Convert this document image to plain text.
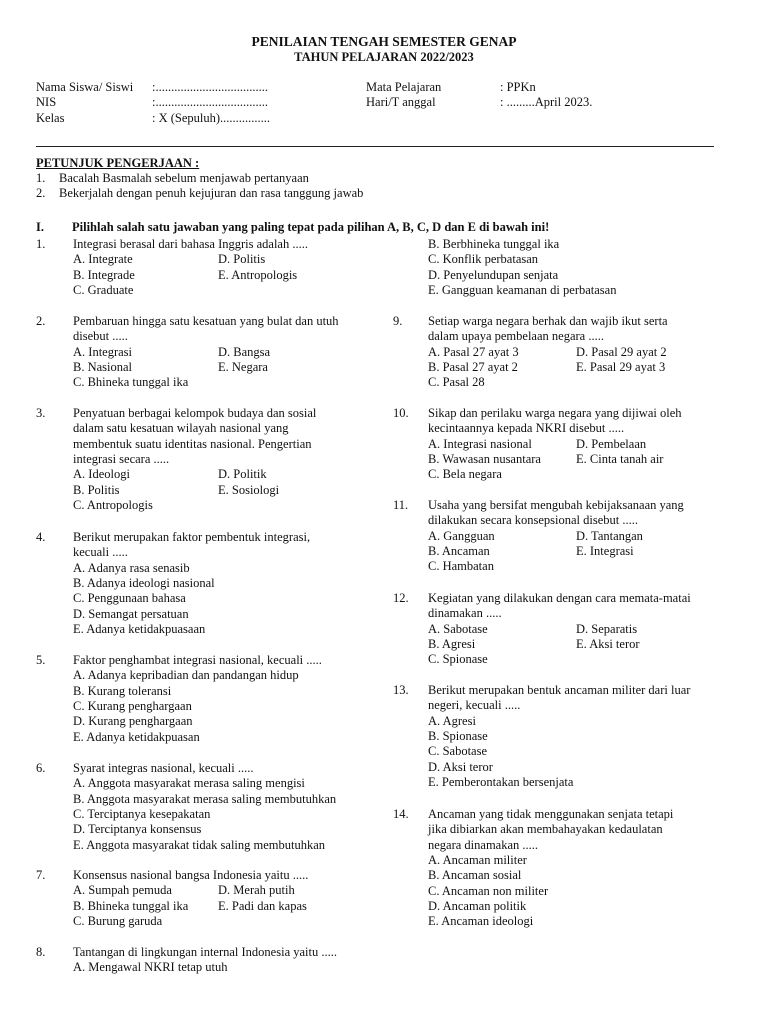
PENILAIAN TENGAH SEMESTER GENAP
TAHUN PELAJARAN 2022/2023
Nama Siswa/ Siswi :....................................
NIS	:....................................
Kelas	: X (Sepuluh)................
Mata Pelajaran	: PPKn
Hari/T anggal	: .........April 2023.
PETUNJUK PENGERJAAN :
1. Bacalah Basmalah sebelum menjawab pertanyaan
2. Bekerjalah dengan penuh kejujuran dan rasa tanggung jawab
I. Pilihlah salah satu jawaban yang paling tepat pada pilihan A, B, C, D dan E di bawah ini!
1. Integrasi berasal dari bahasa Inggris adalah .....
A. Integrate	D. Politis
B. Integrade	E. Antropologis
C. Graduate
2. Pembaruan hingga satu kesatuan yang bulat dan utuh
disebut .....
A. Integrasi	D. Bangsa
B. Nasional	E. Negara
C. Bhineka tunggal ika
3. Penyatuan berbagai kelompok budaya dan sosial
dalam satu kesatuan wilayah nasional yang
membentuk suatu identitas nasional. Pengertian
integrasi secara .....
A. Ideologi	D. Politik
B. Politis	E. Sosiologi
C. Antropologis
4. Berikut merupakan faktor pembentuk integrasi,
kecuali .....
A. Adanya rasa senasib
B. Adanya ideologi nasional
C. Penggunaan bahasa
D. Semangat persatuan
E. Adanya ketidakpuasaan
5. Faktor penghambat integrasi nasional, kecuali .....
A. Adanya kepribadian dan pandangan hidup
B. Kurang toleransi
C. Kurang penghargaan
D. Kurang penghargaan
E. Adanya ketidakpuasan
6. Syarat integras nasional, kecuali .....
A. Anggota masyarakat merasa saling mengisi
B. Anggota masyarakat merasa saling membutuhkan
C. Terciptanya kesepakatan
D. Terciptanya konsensus
E. Anggota masyarakat tidak saling membutuhkan
7. Konsensus nasional bangsa Indonesia yaitu .....
A. Sumpah pemuda	D. Merah putih
B. Bhineka tunggal ika E. Padi dan kapas
C. Burung garuda
8. Tantangan di lingkungan internal Indonesia yaitu .....
A. Mengawal NKRI tetap utuh
B. Berbhineka tunggal ika
C. Konflik perbatasan
D. Penyelundupan senjata
E. Gangguan keamanan di perbatasan
9. Setiap warga negara berhak dan wajib ikut serta
dalam upaya pembelaan negara .....
A. Pasal 27 ayat 3	D. Pasal 29 ayat 2
B. Pasal 27 ayat 2	E. Pasal 29 ayat 3
C. Pasal 28
10. Sikap dan perilaku warga negara yang dijiwai oleh
kecintaannya kepada NKRI disebut .....
A. Integrasi nasional	D. Pembelaan
B. Wawasan nusantara	E. Cinta tanah air
C. Bela negara
11. Usaha yang bersifat mengubah kebijaksanaan yang
dilakukan secara konsepsional disebut .....
A. Gangguan	D. Tantangan
B. Ancaman	E. Integrasi
C. Hambatan
12. Kegiatan yang dilakukan dengan cara memata-matai
dinamakan .....
A. Sabotase	D. Separatis
B. Agresi	E. Aksi teror
C. Spionase
13. Berikut merupakan bentuk ancaman militer dari luar
negeri, kecuali .....
A. Agresi
B. Spionase
C. Sabotase
D. Aksi teror
E. Pemberontakan bersenjata
14. Ancaman yang tidak menggunakan senjata tetapi
jika dibiarkan akan membahayakan kedaulatan
negara dinamakan .....
A. Ancaman militer
B. Ancaman sosial
C. Ancaman non militer
D. Ancaman politik
E. Ancaman ideologi
